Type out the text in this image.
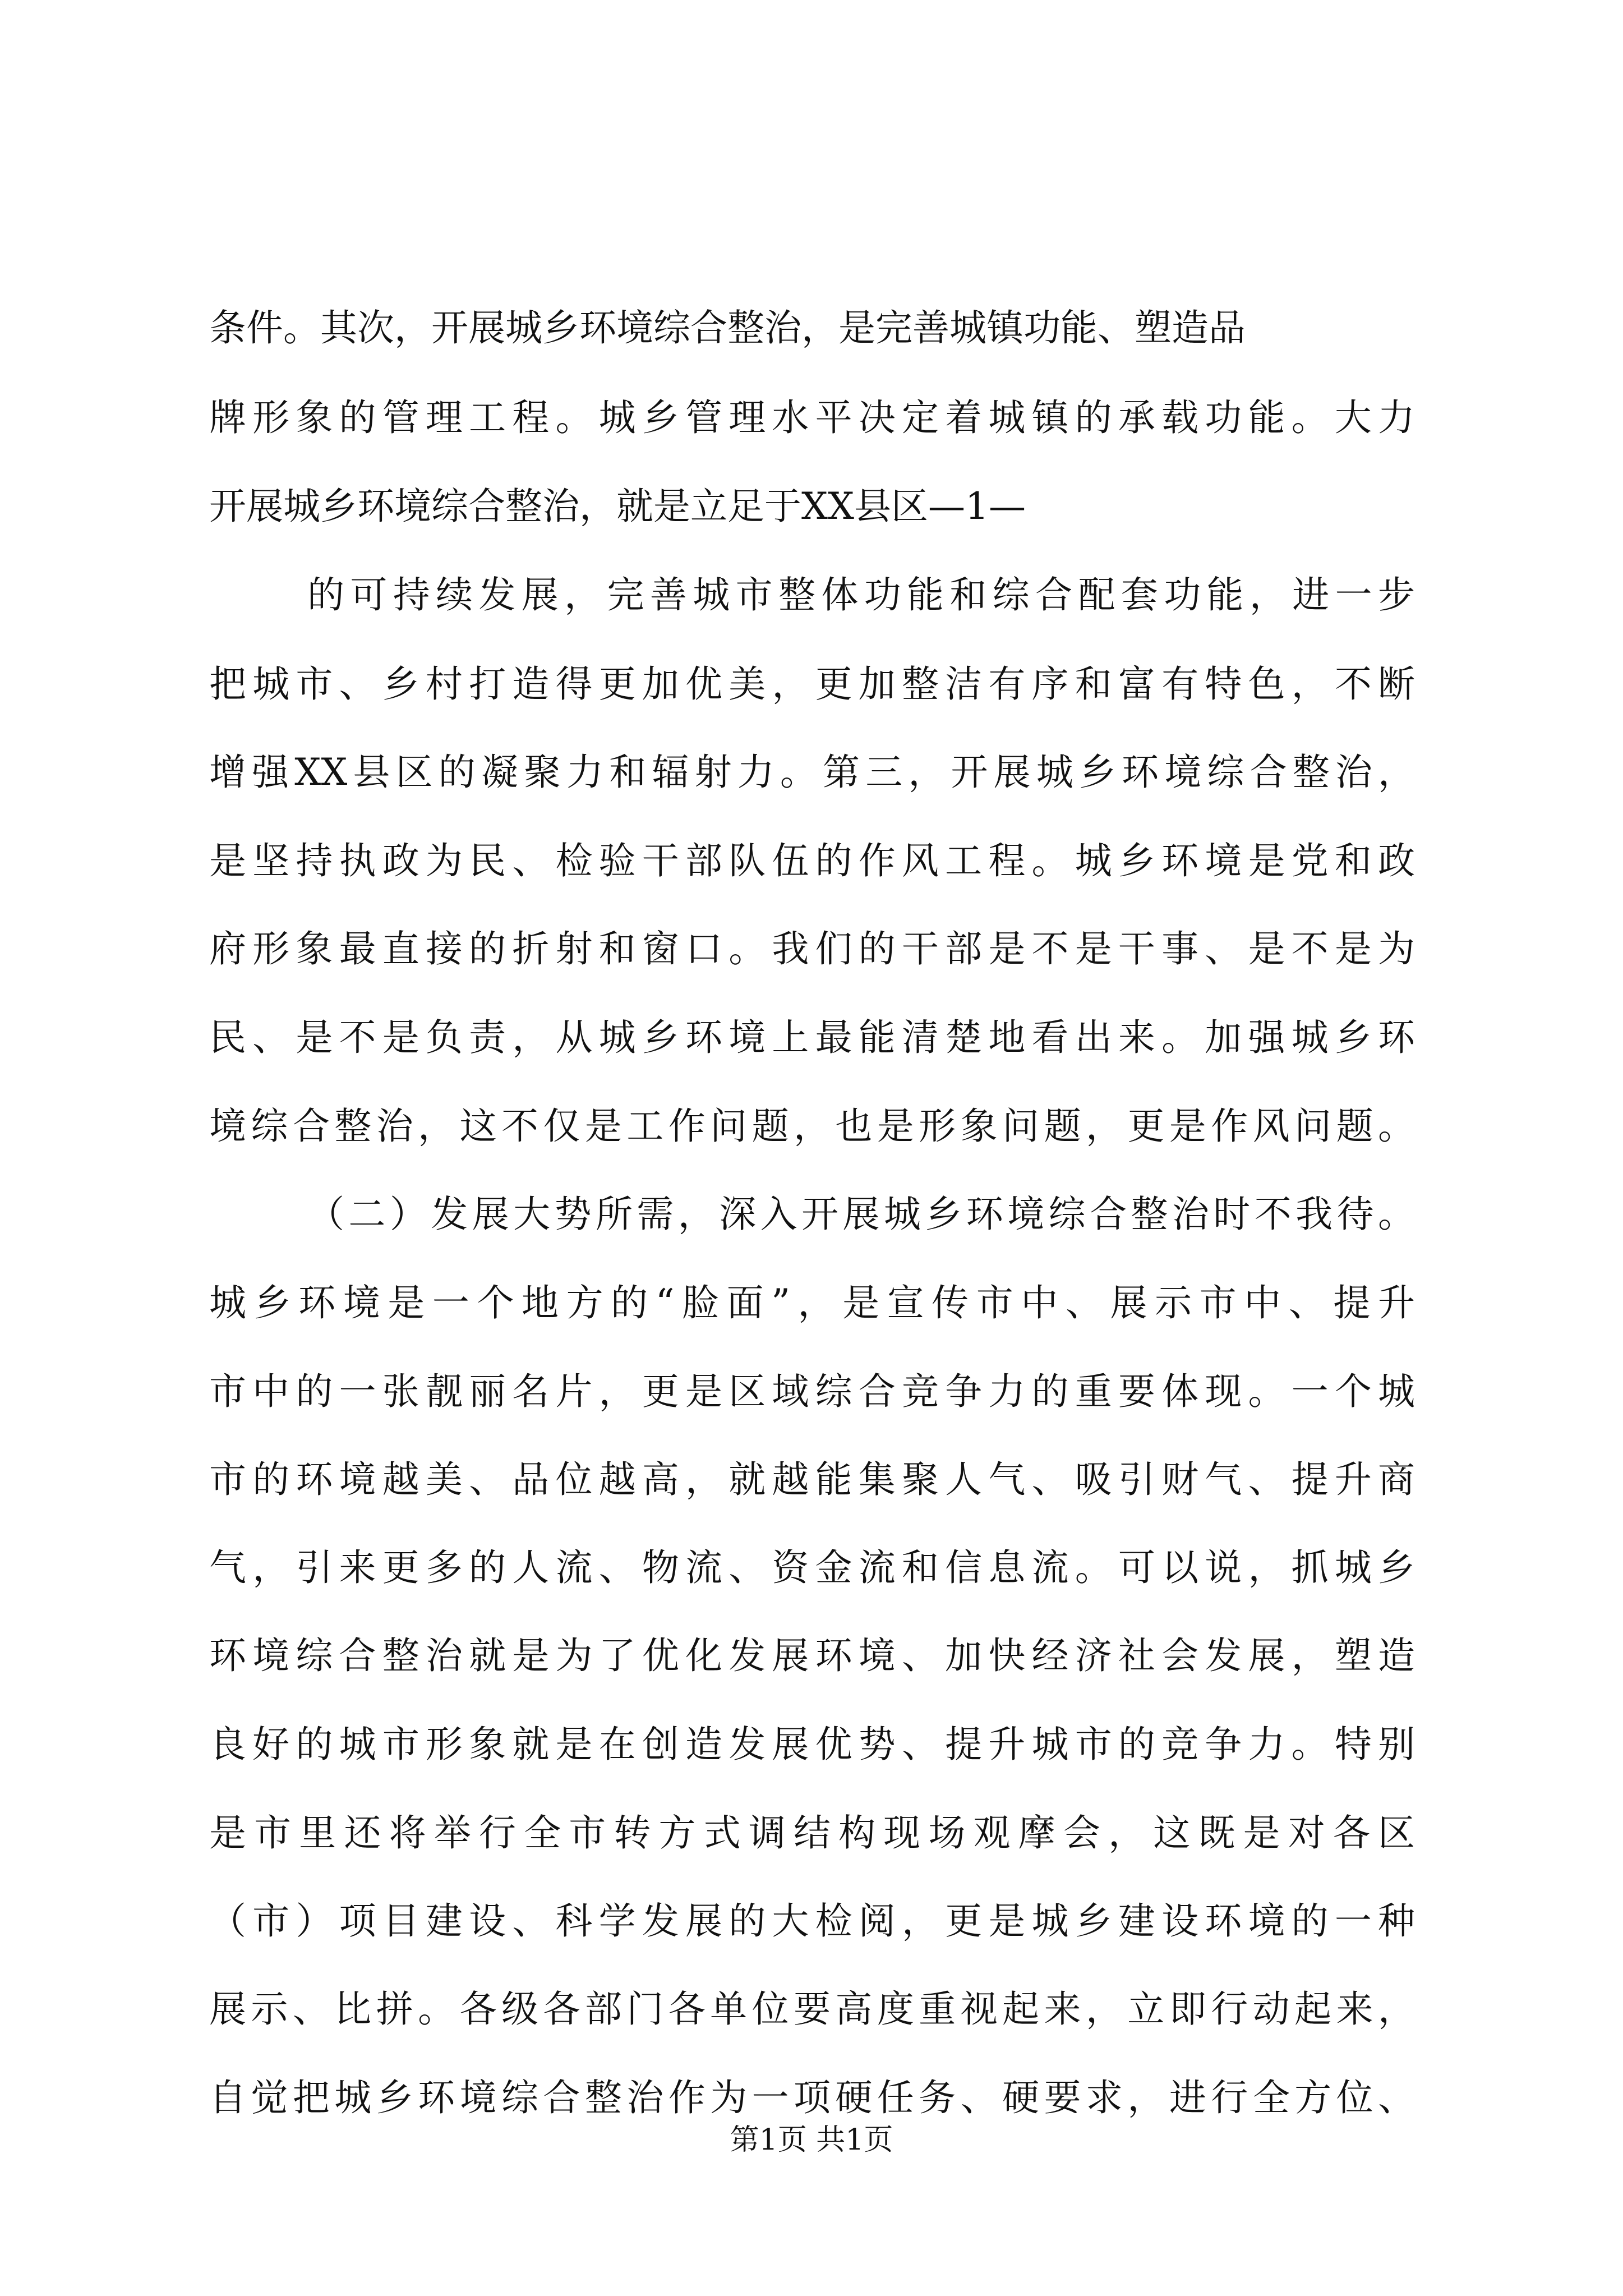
条件。其次，开展城乡环境综合整治，是完善城镇功能、塑造品
牌形象的管理工程。城乡管理水平决定着城镇的承载功能。大力
开展城乡环境综合整治，就是立足于XX县区—1—
的可持续发展，完善城市整体功能和综合配套功能，进一步
把城市、乡村打造得更加优美，更加整洁有序和富有特色，不断
增强XX县区的凝聚力和辐射力。第三，开展城乡环境综合整治，
是坚持执政为民、检验干部队伍的作风工程。城乡环境是党和政
府形象最直接的折射和窗口。我们的干部是不是干事、是不是为
民、是不是负责，从城乡环境上最能清楚地看出来。加强城乡环
境综合整治，这不仅是工作问题，也是形象问题，更是作风问题。
（二）发展大势所需，深入开展城乡环境综合整治时不我待。
城乡环境是一个地方的“脸面”，是宣传市中、展示市中、提升
市中的一张靓丽名片，更是区域综合竞争力的重要体现。一个城
市的环境越美、品位越高，就越能集聚人气、吸引财气、提升商
气，引来更多的人流、物流、资金流和信息流。可以说，抓城乡
环境综合整治就是为了优化发展环境、加快经济社会发展，塑造
良好的城市形象就是在创造发展优势、提升城市的竞争力。特别
是市里还将举行全市转方式调结构现场观摩会，这既是对各区
（市）项目建设、科学发展的大检阅，更是城乡建设环境的一种
展示、比拼。各级各部门各单位要高度重视起来，立即行动起来，
自觉把城乡环境综合整治作为一项硬任务、硬要求，进行全方位、
第1页 共1页
